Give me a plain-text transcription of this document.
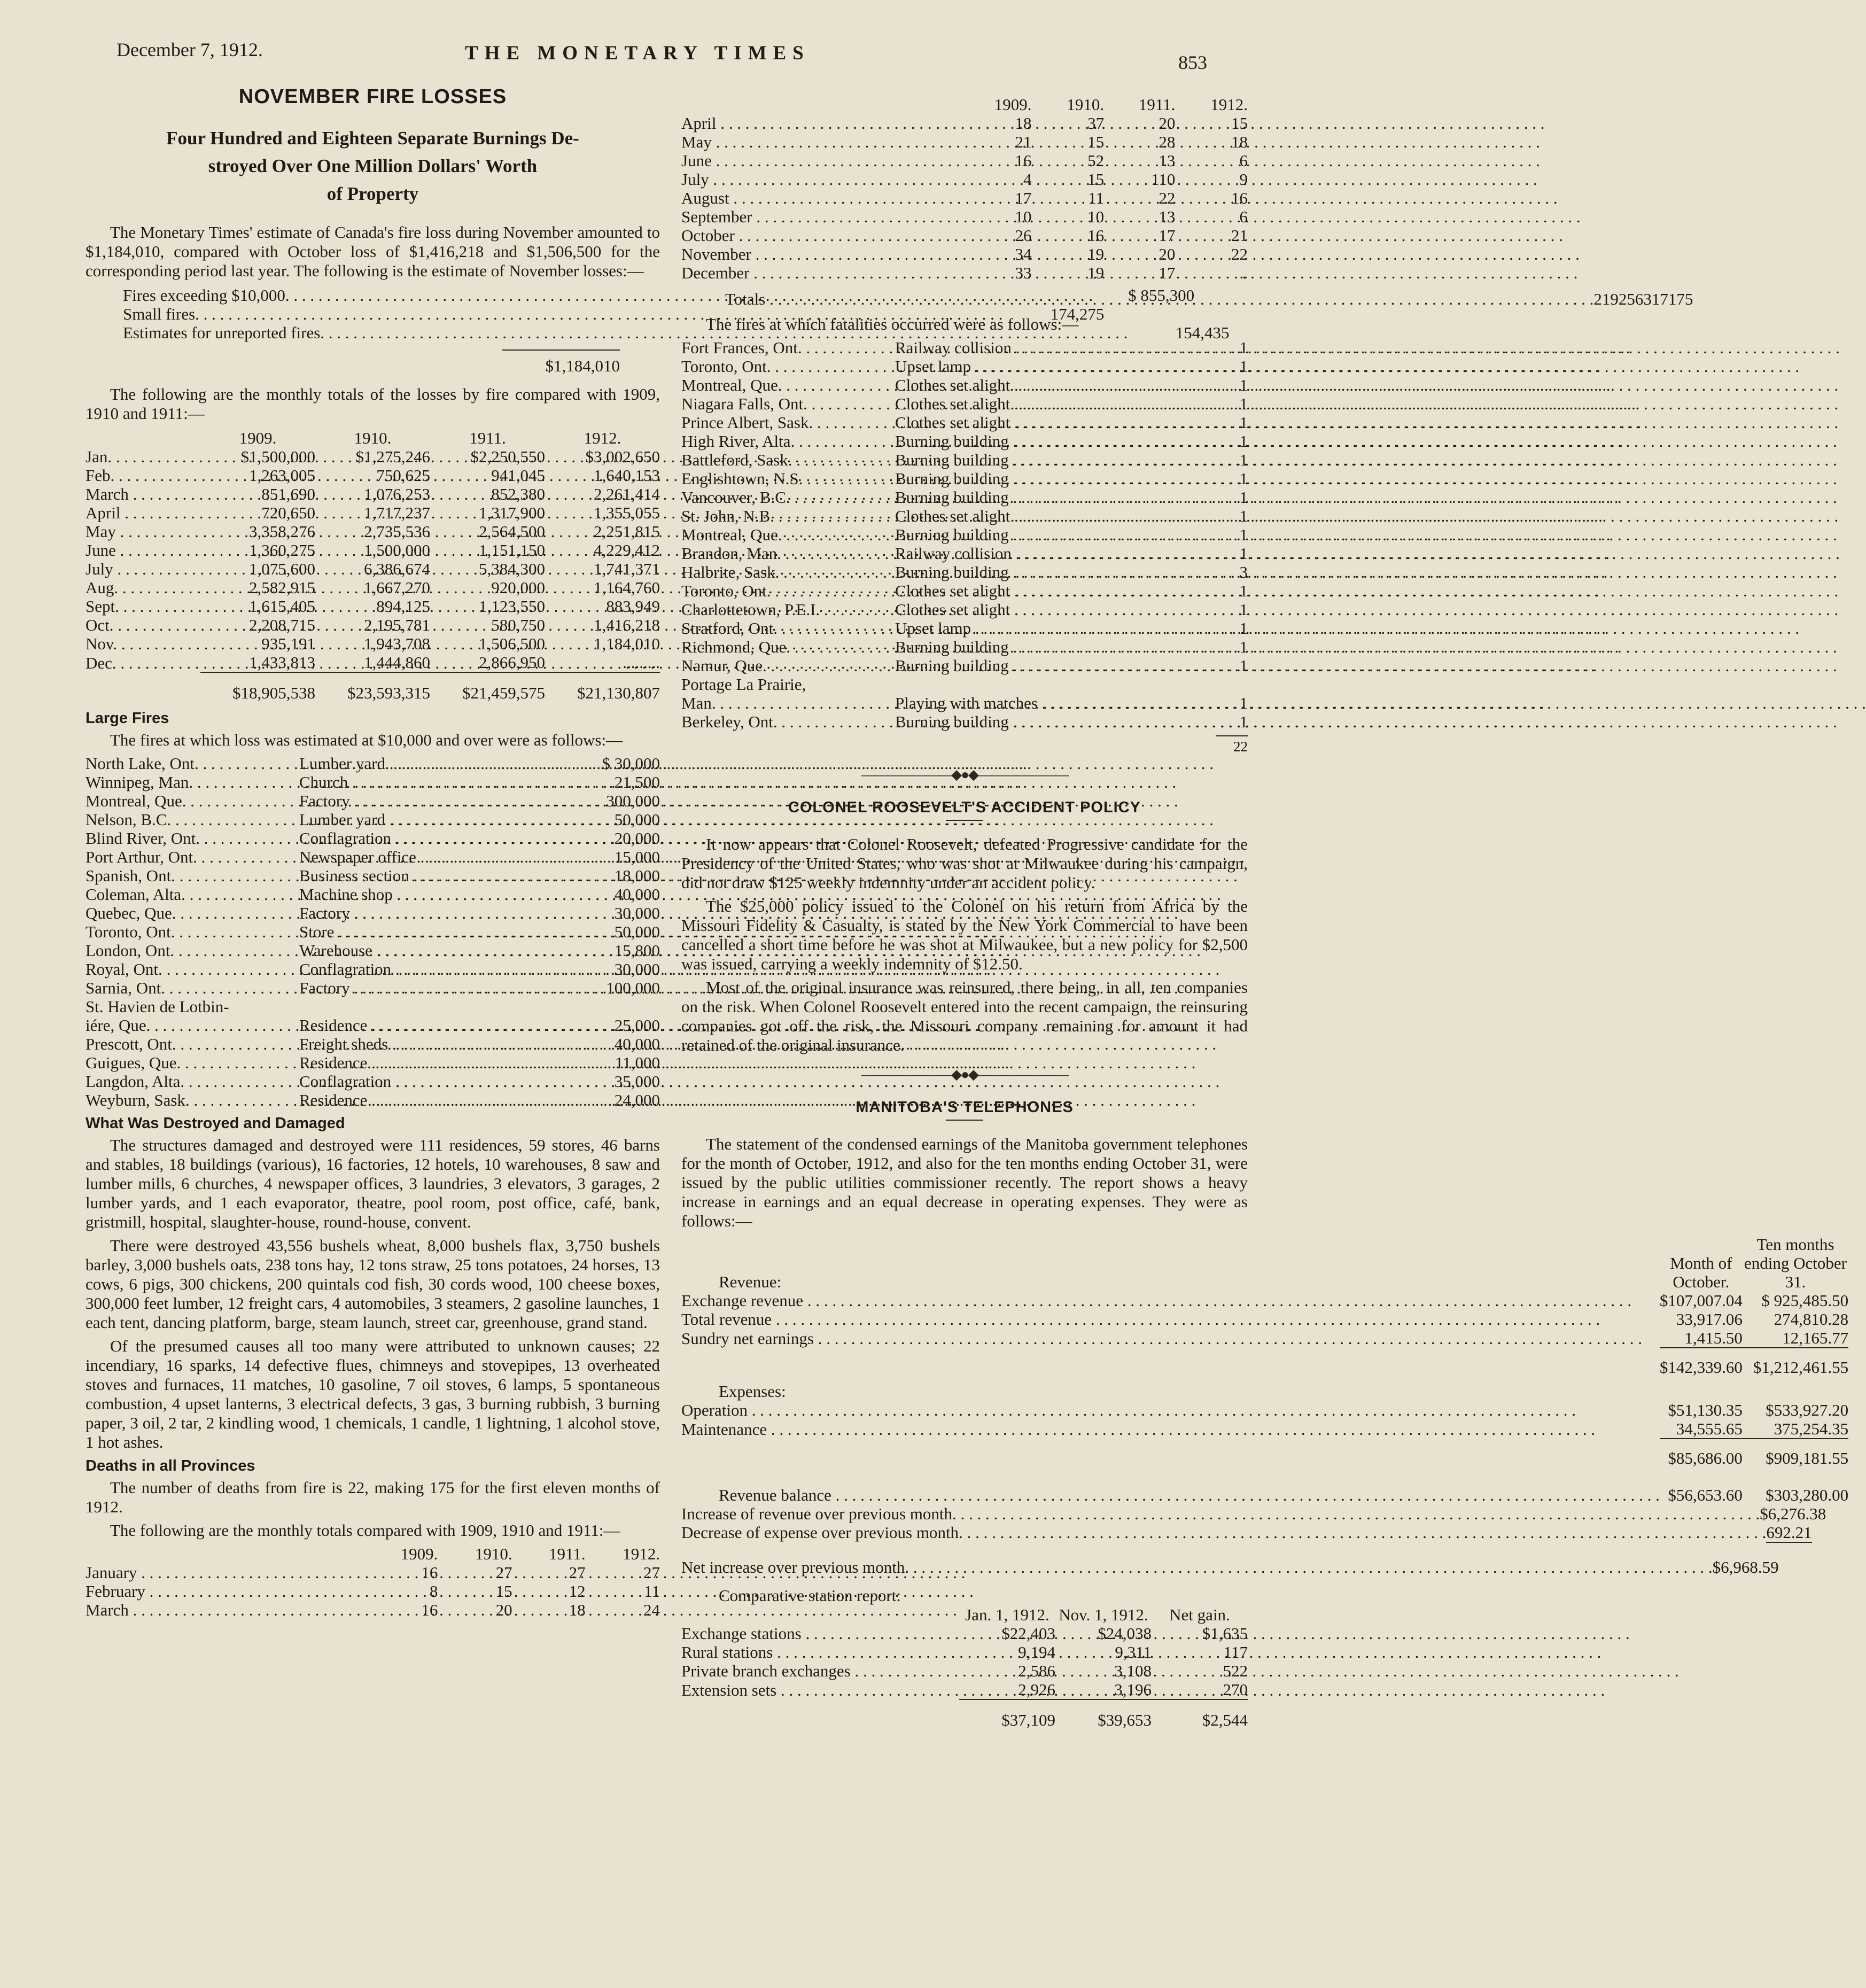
December 7, 1912.	THE MONETARY TIMES	853
NOVEMBER FIRE LOSSES
Four Hundred and Eighteen Separate Burnings De-
stroyed Over One Million Dollars' Worth
of Property

The Monetary Times' estimate of Canada's fire loss during November amounted to $1,184,010, compared with October loss of $1,416,218 and $1,506,500 for the corresponding period last year. The following is the estimate of November losses:—

Fires exceeding $10,000 . . .	$ 855,300
Small fires . . .	174,275
Estimates for unreported fires . . .	154,435
$1,184,010

The following are the monthly totals of the losses by fire compared with 1909, 1910 and 1911:—

	1909.	1910.	1911.	1912.
Jan. . . .	$1,500,000	$1,275,246	$2,250,550	$3,002,650
Feb. . . .	1,263,005	750,625	941,045	1,640,153
March . . .	851,690	1,076,253	852,380	2,261,414
April . . .	720,650	1,717,237	1,317,900	1,355,055
May . . .	3,358,276	2,735,536	2,564,500	2,251,815
June . . .	1,360,275	1,500,000	1,151,150	4,229,412
July . . .	1,075,600	6,386,674	5,384,300	1,741,371
Aug. . . .	2,582,915	1,667,270	920,000	1,164,760
Sept. . . .	1,615,405	894,125	1,123,550	883,949
Oct. . . .	2,208,715	2,195,781	580,750	1,416,218
Nov. . . .	935,191	1,943,708	1,506,500	1,184,010
Dec. . . .	1,433,813	1,444,860	2,866,950	.........
	$18,905,538	$23,593,315	$21,459,575	$21,130,807
Large Fires

The fires at which loss was estimated at $10,000 and over were as follows:—

North Lake, Ont. . . .	Lumber yard . . .	$ 30,000
Winnipeg, Man. . . .	Church . . .	21,500
Montreal, Que. . . .	Factory . . .	300,000
Nelson, B.C. . . .	Lumber yard . . .	50,000
Blind River, Ont. . . .	Conflagration . . .	20,000
Port Arthur, Ont. . . .	Newspaper office . . .	15,000
Spanish, Ont. . . .	Business section . . .	18,000
Coleman, Alta. . . .	Machine shop . . .	40,000
Quebec, Que. . . .	Factory . . .	30,000
Toronto, Ont. . . .	Store . . .	50,000
London, Ont. . . .	Warehouse . . .	15,800
Royal, Ont. . . .	Conflagration . . .	30,000
Sarnia, Ont. . . .	Factory . . .	100,000
St. Havien de Lotbin-		
iére, Que. . . .	Residence . . .	25,000
Prescott, Ont. . . .	Freight sheds . . .	40,000
Guigues, Que. . . .	Residence . . .	11,000
Langdon, Alta. . . .	Conflagration . . .	35,000
Weyburn, Sask. . . .	Residence . . .	24,000
What Was Destroyed and Damaged

The structures damaged and destroyed were 111 residences, 59 stores, 46 barns and stables, 18 buildings (various), 16 factories, 12 hotels, 10 warehouses, 8 saw and lumber mills, 6 churches, 4 newspaper offices, 3 laundries, 3 elevators, 3 garages, 2 lumber yards, and 1 each evaporator, theatre, pool room, post office, café, bank, gristmill, hospital, slaughter-house, round-house, convent.

There were destroyed 43,556 bushels wheat, 8,000 bushels flax, 3,750 bushels barley, 3,000 bushels oats, 238 tons hay, 12 tons straw, 25 tons potatoes, 24 horses, 13 cows, 6 pigs, 300 chickens, 200 quintals cod fish, 30 cords wood, 100 cheese boxes, 300,000 feet lumber, 12 freight cars, 4 automobiles, 3 steamers, 2 gasoline launches, 1 each tent, dancing platform, barge, steam launch, street car, greenhouse, grand stand.

Of the presumed causes all too many were attributed to unknown causes; 22 incendiary, 16 sparks, 14 defective flues, chimneys and stovepipes, 13 overheated stoves and furnaces, 11 matches, 10 gasoline, 7 oil stoves, 6 lamps, 5 spontaneous combustion, 4 upset lanterns, 3 electrical defects, 3 gas, 3 burning rubbish, 3 burning paper, 3 oil, 2 tar, 2 kindling wood, 1 chemicals, 1 candle, 1 lightning, 1 alcohol stove, 1 hot ashes.

Deaths in all Provinces

The number of deaths from fire is 22, making 175 for the first eleven months of 1912.

The following are the monthly totals compared with 1909, 1910 and 1911:—

	1909.	1910.	1911.	1912.
January . . .	16	27	27	27
February . . .	8	15	12	11
March . . .	16	20	18	24
	1909.	1910.	1911.	1912.
April . . .	18	37	20	15
May . . .	21	15	28	18
June . . .	16	52	13	6
July . . .	4	15	110	9
August . . .	17	11	22	16
September . . .	10	10	13	6
October . . .	26	16	17	21
November . . .	34	19	20	22
December . . .	33	19	17	..
Totals . . .	219	256	317	175

The fires at which fatalities occurred were as follows:—

Fort Frances, Ont. . . .	Railway collision . . .	1
Toronto, Ont. . . .	Upset lamp . . .	1
Montreal, Que. . . .	Clothes set alight . . .	1
Niagara Falls, Ont. . . .	Clothes set alight . . .	1
Prince Albert, Sask. . . .	Clothes set alight . . .	1
High River, Alta. . . .	Burning building . . .	1
Battleford, Sask. . . .	Burning building . . .	1
Englishtown, N.S. . . .	Burning building . . .	1
Vancouver, B.C. . . .	Burning building . . .	1
St. John, N.B. . . .	Clothes set alight . . .	1
Montreal, Que. . . .	Burning building . . .	1
Brandon, Man. . . .	Railway collision . . .	1
Halbrite, Sask. . . .	Burning building . . .	3
Toronto, Ont. . . .	Clothes set alight . . .	1
Charlottetown, P.E.I. . . .	Clothes set alight . . .	1
Stratford, Ont. . . .	Upset lamp . . .	1
Richmond, Que. . . .	Burning building . . .	1
Namur, Que. . . .	Burning building . . .	1
Portage La Prairie,		
Man. . . .	Playing with matches . . .	1
Berkeley, Ont. . . .	Burning building . . .	1
22
———————◆●◆———————
COLONEL ROOSEVELT'S ACCIDENT POLICY

It now appears that Colonel Roosevelt, defeated Progressive candidate for the Presidency of the United States, who was shot at Milwaukee during his campaign, did not draw $125 weekly indemnity under an accident policy.

The $25,000 policy issued to the Colonel on his return from Africa by the Missouri Fidelity & Casualty, is stated by the New York Commercial to have been cancelled a short time before he was shot at Milwaukee, but a new policy for $2,500 was issued, carrying a weekly indemnity of $12.50.

Most of the original insurance was reinsured, there being, in all, ten companies on the risk. When Colonel Roosevelt entered into the recent campaign, the reinsuring companies got off the risk, the Missouri company remaining for amount it had retained of the original insurance.

———————◆●◆———————
MANITOBA'S TELEPHONES

The statement of the condensed earnings of the Manitoba government telephones for the month of October, 1912, and also for the ten months ending October 31, were issued by the public utilities commissioner recently. The report shows a heavy increase in earnings and an equal decrease in operating expenses. They were as follows:—

Revenue:	Month of October.	Ten months ending October 31.
Exchange revenue . . .	$107,007.04	$ 925,485.50
Total revenue . . .	33,917.06	274,810.28
Sundry net earnings . . .	1,415.50	12,165.77
	$142,339.60	$1,212,461.55
Expenses:		
Operation . . .	$51,130.35	$533,927.20
Maintenance . . .	34,555.65	375,254.35
	$85,686.00	$909,181.55
Revenue balance . . .	$56,653.60	$303,280.00
Increase of revenue over previous month . . .	$6,276.38
Decrease of expense over previous month . . .	692.21
Net increase over previous month . . .	$6,968.59
Comparative station report:
	Jan. 1, 1912.	Nov. 1, 1912.	Net gain.
Exchange stations . . .	$22,403	$24,038	$1,635
Rural stations . . .	9,194	9,311	117
Private branch exchanges . . .	2,586	3,108	522
Extension sets . . .	2,926	3,196	270
	$37,109	$39,653	$2,544
